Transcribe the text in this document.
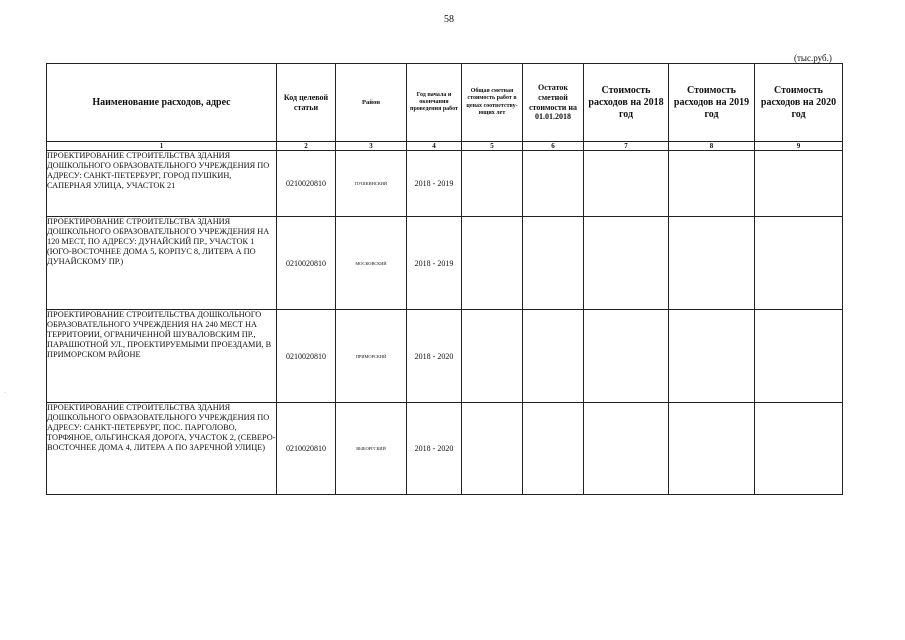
58
(тыс.руб.)
·
Наименование расходов, адрес	Код целевой статьи	Район	Год начала и окончания проведения работ	Общая сметная стоимость работ в ценах соответству-ющих лет	Остаток сметной стоимости на 01.01.2018	Стоимость расходов на 2018 год	Стоимость расходов на 2019 год	Стоимость расходов на 2020 год
1	2	3	4	5	6	7	8	9
ПРОЕКТИРОВАНИЕ СТРОИТЕЛЬСТВА ЗДАНИЯ ДОШКОЛЬНОГО ОБРАЗОВАТЕЛЬНОГО УЧРЕЖДЕНИЯ ПО АДРЕСУ: САНКТ-ПЕТЕРБУРГ, ГОРОД ПУШКИН, САПЕРНАЯ УЛИЦА, УЧАСТОК 21	0210020810	ПУШКИНСКИЙ	2018 - 2019					
ПРОЕКТИРОВАНИЕ СТРОИТЕЛЬСТВА ЗДАНИЯ ДОШКОЛЬНОГО ОБРАЗОВАТЕЛЬНОГО УЧРЕЖДЕНИЯ НА 120 МЕСТ, ПО АДРЕСУ: ДУНАЙСКИЙ ПР., УЧАСТОК 1 (ЮГО-ВОСТОЧНЕЕ ДОМА 5, КОРПУС 8, ЛИТЕРА А ПО ДУНАЙСКОМУ ПР.)	0210020810	МОСКОВСКИЙ	2018 - 2019					
ПРОЕКТИРОВАНИЕ СТРОИТЕЛЬСТВА ДОШКОЛЬНОГО ОБРАЗОВАТЕЛЬНОГО УЧРЕЖДЕНИЯ НА 240 МЕСТ НА ТЕРРИТОРИИ, ОГРАНИЧЕННОЙ ШУВАЛОВСКИМ ПР., ПАРАШЮТНОЙ УЛ., ПРОЕКТИРУЕМЫМИ ПРОЕЗДАМИ, В ПРИМОРСКОМ РАЙОНЕ	0210020810	ПРИМОРСКИЙ	2018 - 2020					
ПРОЕКТИРОВАНИЕ СТРОИТЕЛЬСТВА ЗДАНИЯ ДОШКОЛЬНОГО ОБРАЗОВАТЕЛЬНОГО УЧРЕЖДЕНИЯ ПО АДРЕСУ: САНКТ-ПЕТЕРБУРГ, ПОС. ПАРГОЛОВО, ТОРФЯНОЕ, ОЛЬГИНСКАЯ ДОРОГА, УЧАСТОК 2, (СЕВЕРО-ВОСТОЧНЕЕ ДОМА 4, ЛИТЕРА А ПО ЗАРЕЧНОЙ УЛИЦЕ)	0210020810	ВЫБОРГСКИЙ	2018 - 2020					
